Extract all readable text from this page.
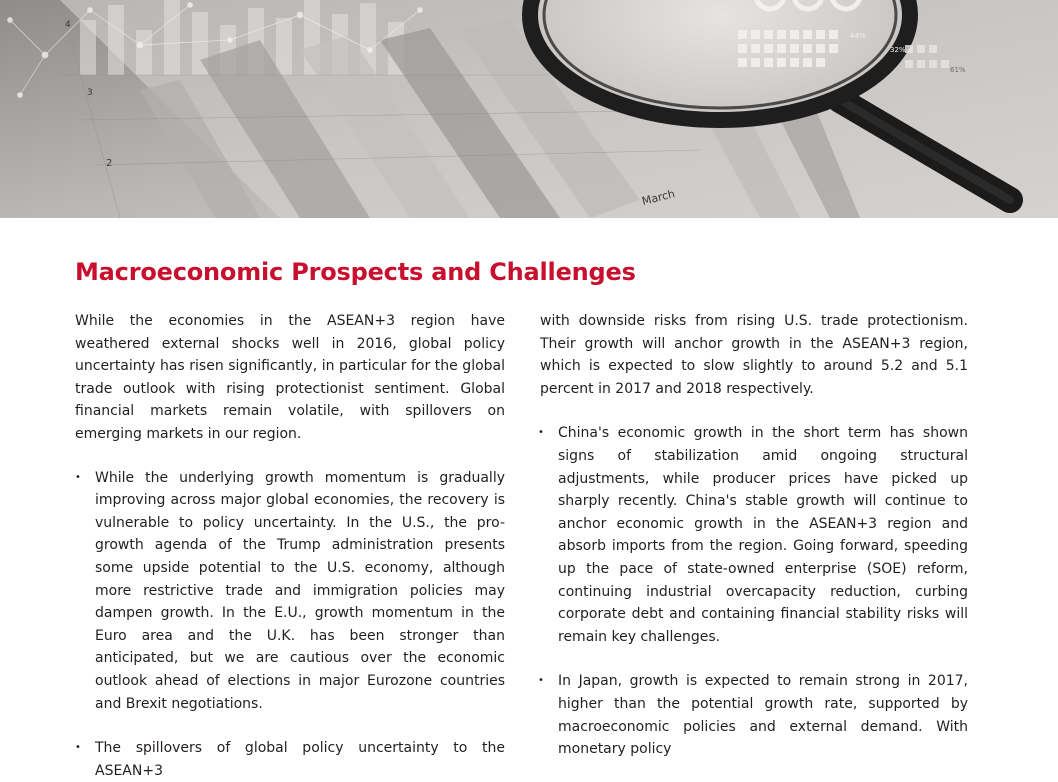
4
3
2
March
44%
32%
61%
Macroeconomic Prospects and Challenges

While the economies in the ASEAN+3 region have weathered external shocks well in 2016, global policy uncertainty has risen significantly, in particular for the global trade outlook with rising protectionist sentiment. Global financial markets remain volatile, with spillovers on emerging markets in our region.

• While the underlying growth momentum is gradually improving across major global economies, the recovery is vulnerable to policy uncertainty. In the U.S., the pro-growth agenda of the Trump administration presents some upside potential to the U.S. economy, although more restrictive trade and immigration policies may dampen growth. In the E.U., growth momentum in the Euro area and the U.K. has been stronger than anticipated, but we are cautious over the economic outlook ahead of elections in major Eurozone countries and Brexit negotiations.
• The spillovers of global policy uncertainty to the ASEAN+3

with downside risks from rising U.S. trade protectionism. Their growth will anchor growth in the ASEAN+3 region, which is expected to slow slightly to around 5.2 and 5.1 percent in 2017 and 2018 respectively.

• China's economic growth in the short term has shown signs of stabilization amid ongoing structural adjustments, while producer prices have picked up sharply recently. China's stable growth will continue to anchor economic growth in the ASEAN+3 region and absorb imports from the region. Going forward, speeding up the pace of state-owned enterprise (SOE) reform, continuing industrial overcapacity reduction, curbing corporate debt and containing financial stability risks will remain key challenges.
• In Japan, growth is expected to remain strong in 2017, higher than the potential growth rate, supported by macroeconomic policies and external demand. With monetary policy
